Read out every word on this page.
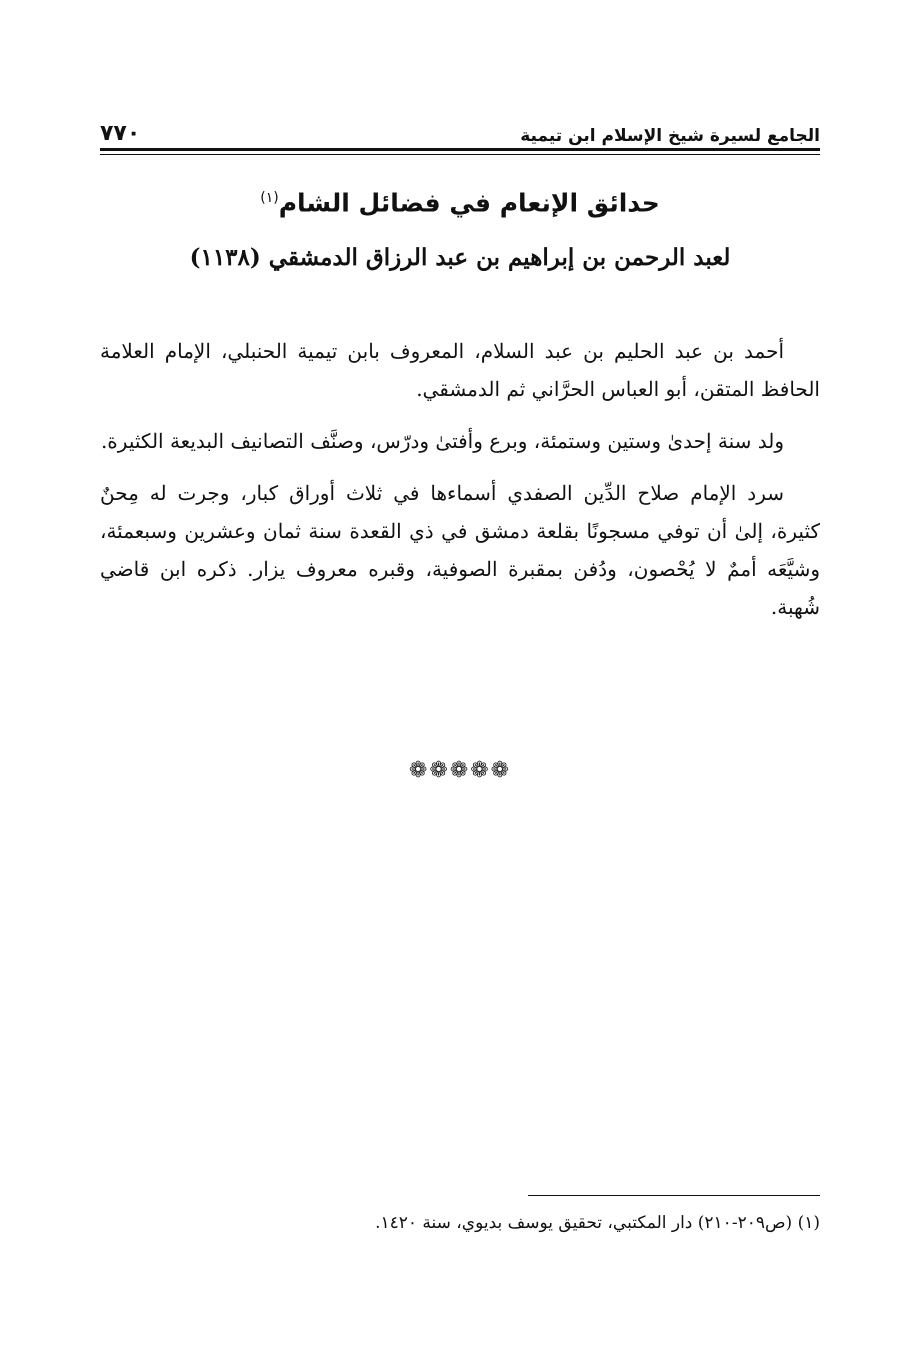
الجامع لسيرة شيخ الإسلام ابن تيمية
٧٧٠
حدائق الإنعام في فضائل الشام$^{(١)}$
لعبد الرحمن بن إبراهيم بن عبد الرزاق الدمشقي (١١٣٨)

أحمد بن عبد الحليم بن عبد السلام، المعروف بابن تيمية الحنبلي، الإمام العلامة الحافظ المتقن، أبو العباس الحرَّاني ثم الدمشقي.

ولد سنة إحدىٰ وستين وستمئة، وبرع وأفتىٰ ودرّس، وصنَّف التصانيف البديعة الكثيرة.

سرد الإمام صلاح الدِّين الصفدي أسماءها في ثلاث أوراق كبار، وجرت له مِحنٌ كثيرة، إلىٰ أن توفي مسجونًا بقلعة دمشق في ذي القعدة سنة ثمان وعشرين وسبعمئة، وشيَّعَه أممٌ لا يُحْصون، ودُفن بمقبرة الصوفية، وقبره معروف يزار. ذكره ابن قاضي شُهبة.

❁❁❁❁❁
(١) (ص٢٠٩-٢١٠) دار المكتبي، تحقيق يوسف بديوي، سنة ١٤٢٠.
